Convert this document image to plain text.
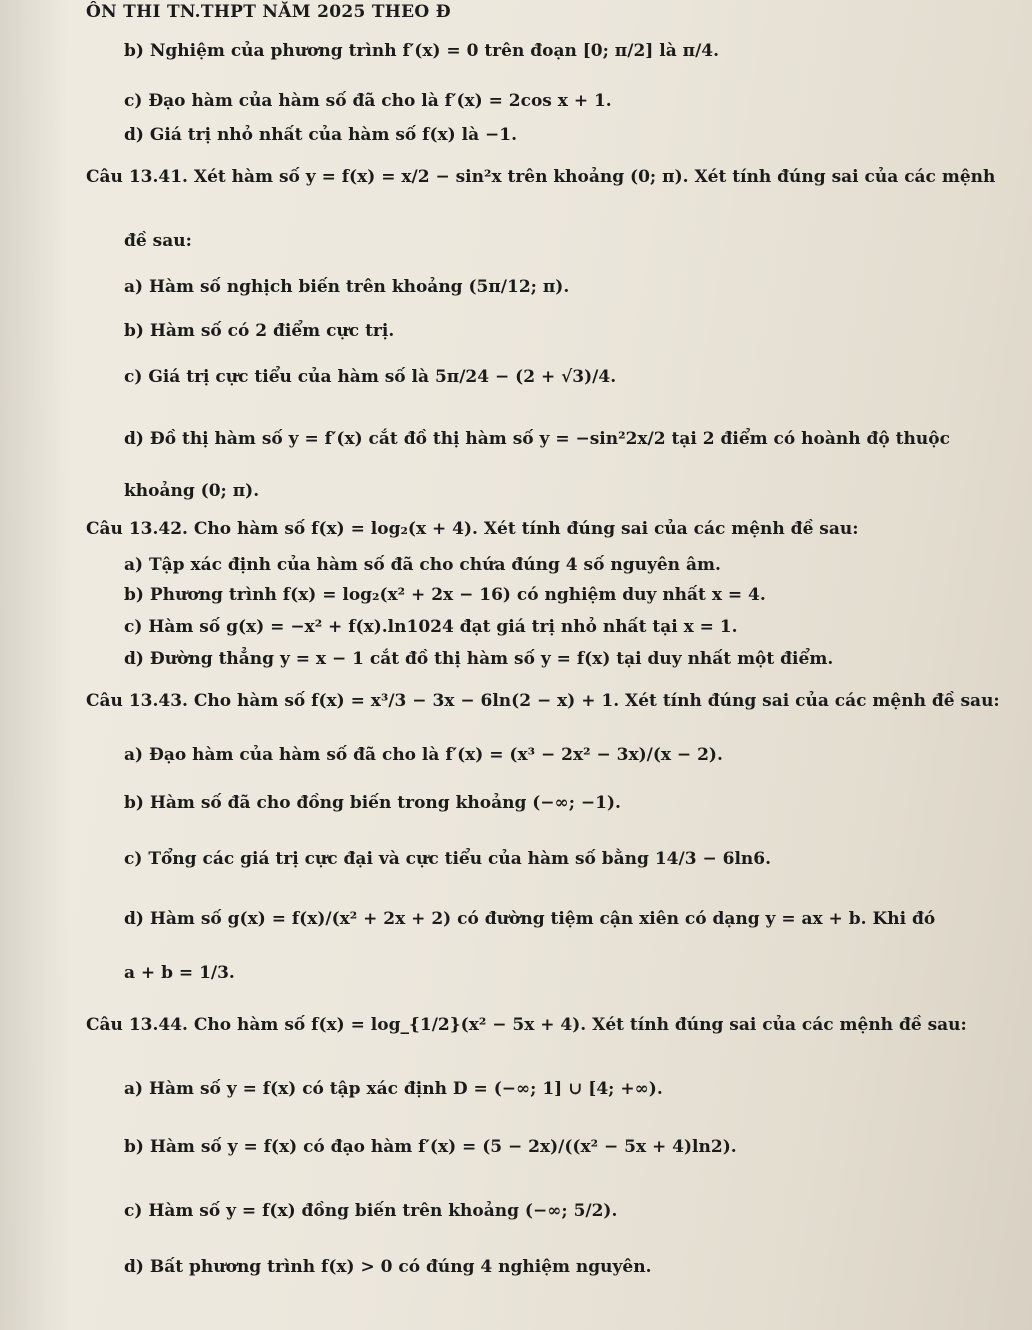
ÔN THI TN.THPT NĂM 2025 THEO Đ
b) Nghiệm của phương trình f′(x) = 0 trên đoạn [0; π/2] là π/4.
c) Đạo hàm của hàm số đã cho là f′(x) = 2cos x + 1.
d) Giá trị nhỏ nhất của hàm số f(x) là −1.
Câu 13.41. Xét hàm số y = f(x) = x/2 − sin²x trên khoảng (0; π). Xét tính đúng sai của các mệnh
đề sau:
a) Hàm số nghịch biến trên khoảng (5π/12; π).
b) Hàm số có 2 điểm cực trị.
c) Giá trị cực tiểu của hàm số là 5π/24 − (2 + √3)/4.
d) Đồ thị hàm số y = f′(x) cắt đồ thị hàm số y = −sin²2x/2 tại 2 điểm có hoành độ thuộc
khoảng (0; π).
Câu 13.42. Cho hàm số f(x) = log₂(x + 4). Xét tính đúng sai của các mệnh đề sau:
a) Tập xác định của hàm số đã cho chứa đúng 4 số nguyên âm.
b) Phương trình f(x) = log₂(x² + 2x − 16) có nghiệm duy nhất x = 4.
c) Hàm số g(x) = −x² + f(x).ln1024 đạt giá trị nhỏ nhất tại x = 1.
d) Đường thẳng y = x − 1 cắt đồ thị hàm số y = f(x) tại duy nhất một điểm.
Câu 13.43. Cho hàm số f(x) = x³/3 − 3x − 6ln(2 − x) + 1. Xét tính đúng sai của các mệnh đề sau:
a) Đạo hàm của hàm số đã cho là f′(x) = (x³ − 2x² − 3x)/(x − 2).
b) Hàm số đã cho đồng biến trong khoảng (−∞; −1).
c) Tổng các giá trị cực đại và cực tiểu của hàm số bằng 14/3 − 6ln6.
d) Hàm số g(x) = f(x)/(x² + 2x + 2) có đường tiệm cận xiên có dạng y = ax + b. Khi đó
a + b = 1/3.
Câu 13.44. Cho hàm số f(x) = log_{1/2}(x² − 5x + 4). Xét tính đúng sai của các mệnh đề sau:
a) Hàm số y = f(x) có tập xác định D = (−∞; 1] ∪ [4; +∞).
b) Hàm số y = f(x) có đạo hàm f′(x) = (5 − 2x)/((x² − 5x + 4)ln2).
c) Hàm số y = f(x) đồng biến trên khoảng (−∞; 5/2).
d) Bất phương trình f(x) > 0 có đúng 4 nghiệm nguyên.
